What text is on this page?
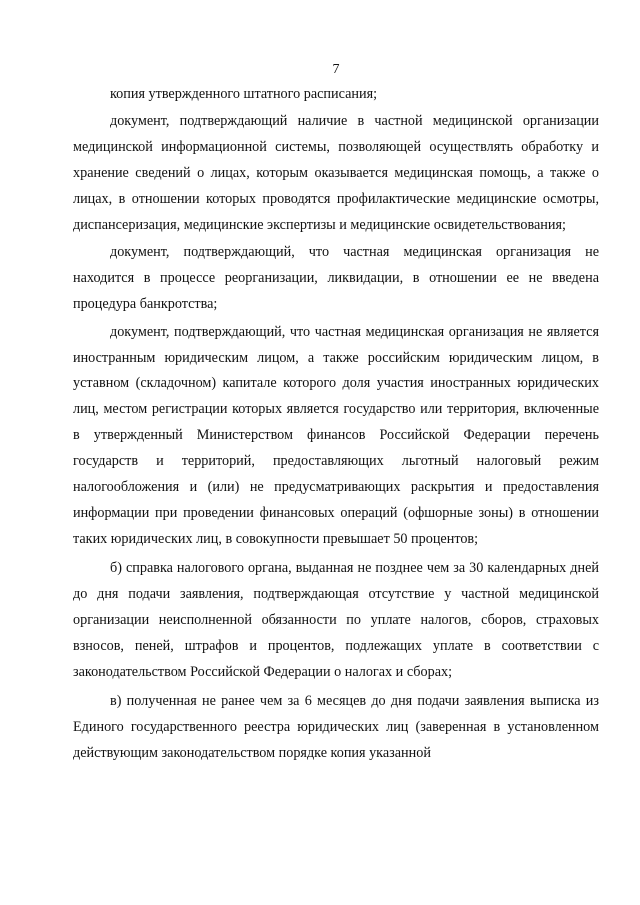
7

копия утвержденного штатного расписания;

документ, подтверждающий наличие в частной медицинской организации медицинской информационной системы, позволяющей осуществлять обработку и хранение сведений о лицах, которым оказывается медицинская помощь, а также о лицах, в отношении которых проводятся профилактические медицинские осмотры, диспансеризация, медицинские экспертизы и медицинские освидетельствования;

документ, подтверждающий, что частная медицинская организация не находится в процессе реорганизации, ликвидации, в отношении ее не введена процедура банкротства;

документ, подтверждающий, что частная медицинская организация не является иностранным юридическим лицом, а также российским юридическим лицом, в уставном (складочном) капитале которого доля участия иностранных юридических лиц, местом регистрации которых является государство или территория, включенные в утвержденный Министерством финансов Российской Федерации перечень государств и территорий, предоставляющих льготный налоговый режим налогообложения и (или) не предусматривающих раскрытия и предоставления информации при проведении финансовых операций (офшорные зоны) в отношении таких юридических лиц, в совокупности превышает 50 процентов;

б) справка налогового органа, выданная не позднее чем за 30 календарных дней до дня подачи заявления, подтверждающая отсутствие у частной медицинской организации неисполненной обязанности по уплате налогов, сборов, страховых взносов, пеней, штрафов и процентов, подлежащих уплате в соответствии с законодательством Российской Федерации о налогах и сборах;

в) полученная не ранее чем за 6 месяцев до дня подачи заявления выписка из Единого государственного реестра юридических лиц (заверенная в установленном действующим законодательством порядке копия указанной
